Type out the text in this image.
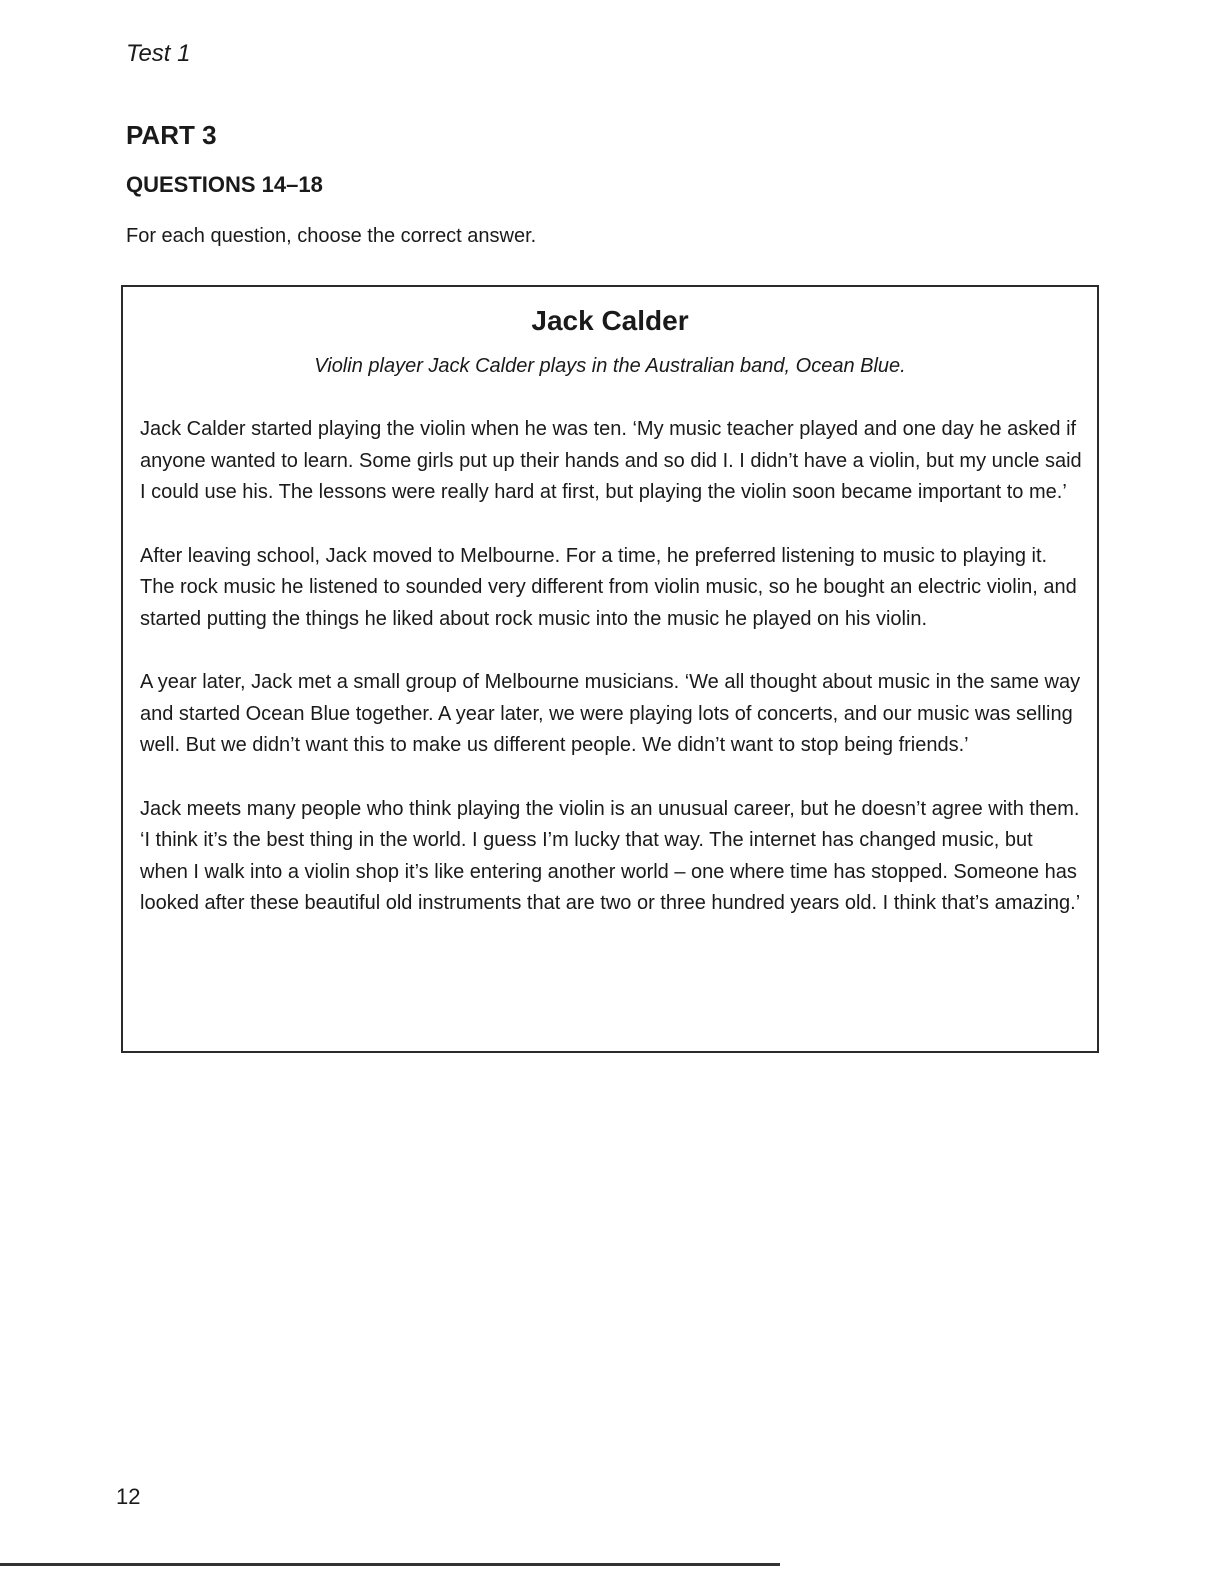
Test 1
PART 3
QUESTIONS 14–18

For each question, choose the correct answer.

Jack Calder

Violin player Jack Calder plays in the Australian band, Ocean Blue.

Jack Calder started playing the violin when he was ten. ‘My music teacher played and one day he asked if anyone wanted to learn. Some girls put up their hands and so did I. I didn’t have a violin, but my uncle said I could use his. The lessons were really hard at first, but playing the violin soon became important to me.’

After leaving school, Jack moved to Melbourne. For a time, he preferred listening to music to playing it. The rock music he listened to sounded very different from violin music, so he bought an electric violin, and started putting the things he liked about rock music into the music he played on his violin.

A year later, Jack met a small group of Melbourne musicians. ‘We all thought about music in the same way and started Ocean Blue together. A year later, we were playing lots of concerts, and our music was selling well. But we didn’t want this to make us different people. We didn’t want to stop being friends.’

Jack meets many people who think playing the violin is an unusual career, but he doesn’t agree with them. ‘I think it’s the best thing in the world. I guess I’m lucky that way. The internet has changed music, but when I walk into a violin shop it’s like entering another world – one where time has stopped. Someone has looked after these beautiful old instruments that are two or three hundred years old. I think that’s amazing.’

12
